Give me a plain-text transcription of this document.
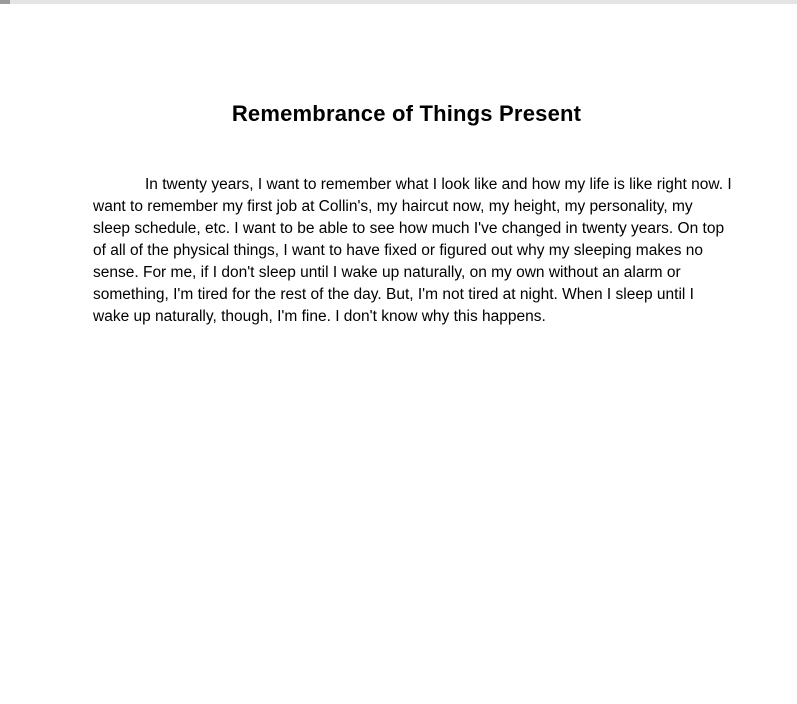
Remembrance of Things Present
In twenty years, I want to remember what I look like and how my life is like right now. I
want to remember my first job at Collin's, my haircut now, my height, my personality, my
sleep schedule, etc. I want to be able to see how much I've changed in twenty years. On top
of all of the physical things, I want to have fixed or figured out why my sleeping makes no
sense. For me, if I don't sleep until I wake up naturally, on my own without an alarm or
something, I'm tired for the rest of the day. But, I'm not tired at night. When I sleep until I
wake up naturally, though, I'm fine. I don't know why this happens.
